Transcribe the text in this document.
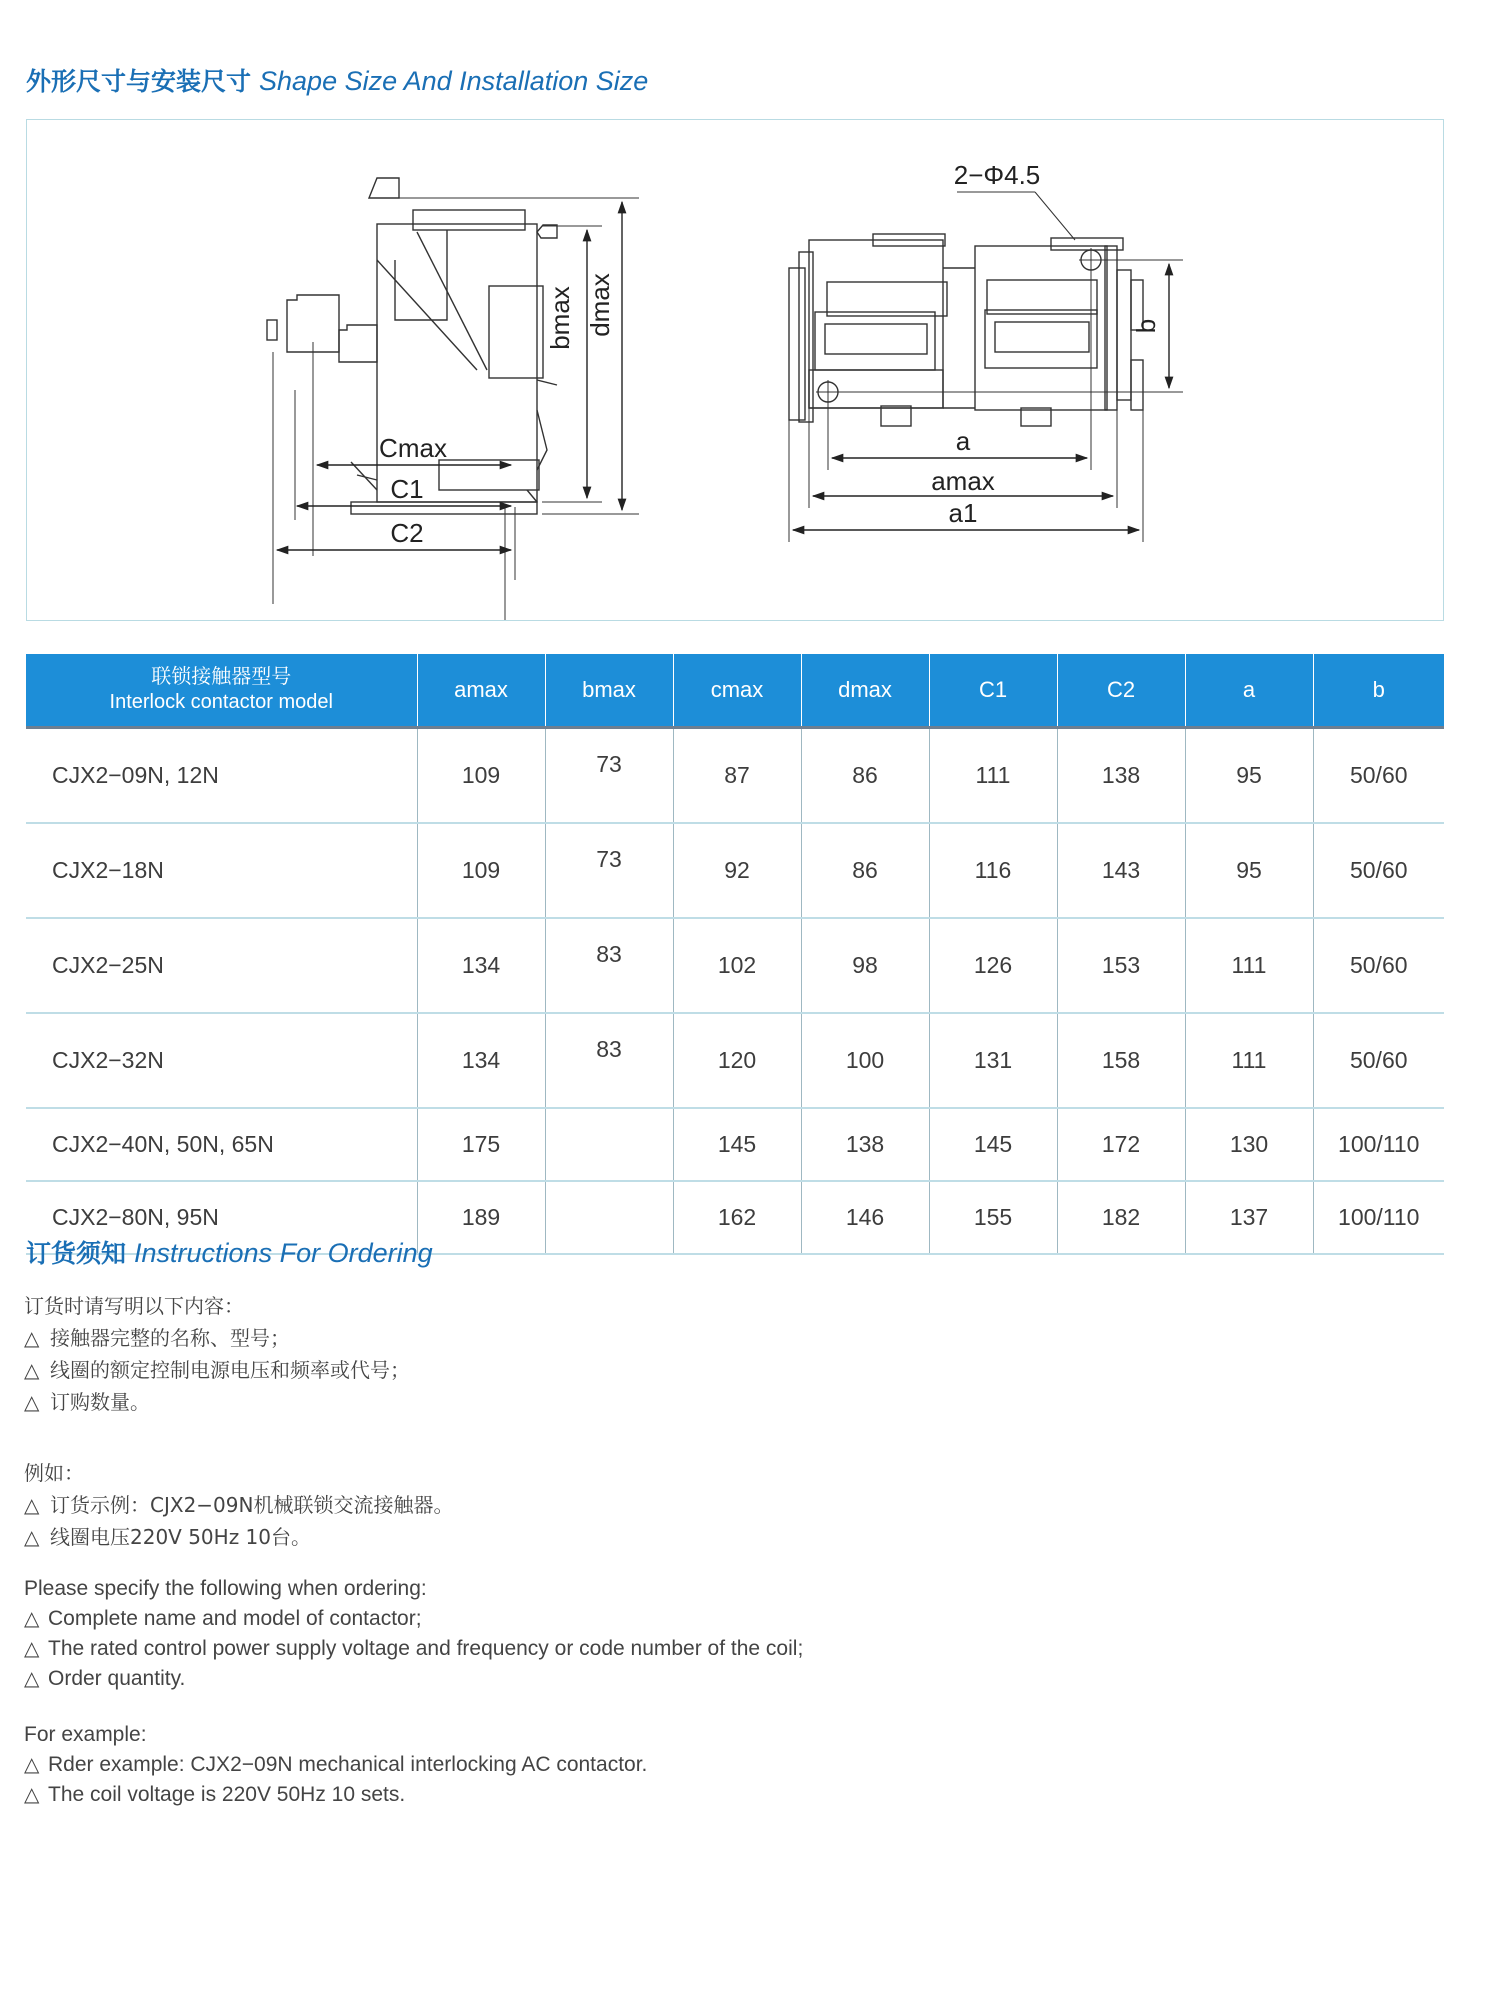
外形尺寸与安装尺寸 Shape Size And Installation Size
bmax dmax
Cmax
C1
C2
2−Φ4.5
b
a
amax
a1
联锁接触器型号
Interlock contactor model	amax	bmax	cmax	dmax	C1	C2	a	b
CJX2−09N, 12N	109	73	87	86	111	138	95	50/60
CJX2−18N	109	73	92	86	116	143	95	50/60
CJX2−25N	134	83	102	98	126	153	111	50/60
CJX2−32N	134	83	120	100	131	158	111	50/60
CJX2−40N, 50N, 65N	175		145	138	145	172	130	100/110
CJX2−80N, 95N	189		162	146	155	182	137	100/110
订货须知 Instructions For Ordering
订货时请写明以下内容：
△ 接触器完整的名称、型号；
△ 线圈的额定控制电源电压和频率或代号；
△ 订购数量。
例如：
△ 订货示例：CJX2−09N机械联锁交流接触器。
△ 线圈电压220V 50Hz 10台。
Please specify the following when ordering:
△ Complete name and model of contactor;
△ The rated control power supply voltage and frequency or code number of the coil;
△ Order quantity.
For example:
△ Rder example: CJX2−09N mechanical interlocking AC contactor.
△ The coil voltage is 220V 50Hz 10 sets.
